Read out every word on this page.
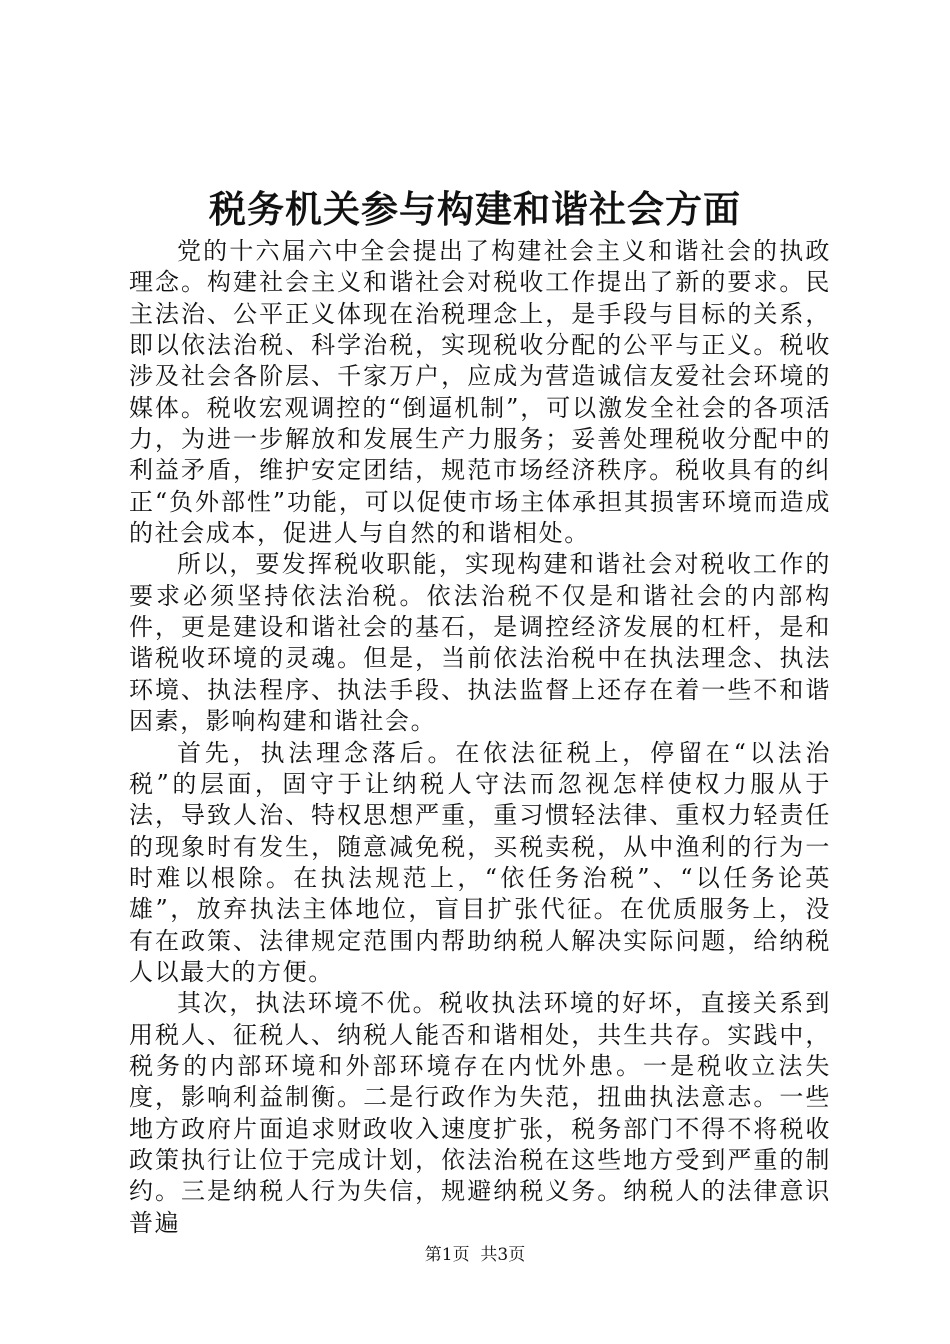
税务机关参与构建和谐社会方面

党的十六届六中全会提出了构建社会主义和谐社会的执政理念。构建社会主义和谐社会对税收工作提出了新的要求。民主法治、公平正义体现在治税理念上，是手段与目标的关系，即以依法治税、科学治税，实现税收分配的公平与正义。税收涉及社会各阶层、千家万户，应成为营造诚信友爱社会环境的媒体。税收宏观调控的“倒逼机制”，可以激发全社会的各项活力，为进一步解放和发展生产力服务；妥善处理税收分配中的利益矛盾，维护安定团结，规范市场经济秩序。税收具有的纠正“负外部性”功能，可以促使市场主体承担其损害环境而造成的社会成本，促进人与自然的和谐相处。

所以，要发挥税收职能，实现构建和谐社会对税收工作的要求必须坚持依法治税。依法治税不仅是和谐社会的内部构件，更是建设和谐社会的基石，是调控经济发展的杠杆，是和谐税收环境的灵魂。但是，当前依法治税中在执法理念、执法环境、执法程序、执法手段、执法监督上还存在着一些不和谐因素，影响构建和谐社会。

首先，执法理念落后。在依法征税上，停留在“以法治税”的层面，固守于让纳税人守法而忽视怎样使权力服从于法，导致人治、特权思想严重，重习惯轻法律、重权力轻责任的现象时有发生，随意减免税，买税卖税，从中渔利的行为一时难以根除。在执法规范上，“依任务治税”、“以任务论英雄”，放弃执法主体地位，盲目扩张代征。在优质服务上，没有在政策、法律规定范围内帮助纳税人解决实际问题，给纳税人以最大的方便。

其次，执法环境不优。税收执法环境的好坏，直接关系到用税人、征税人、纳税人能否和谐相处，共生共存。实践中，税务的内部环境和外部环境存在内忧外患。一是税收立法失度，影响利益制衡。二是行政作为失范，扭曲执法意志。一些地方政府片面追求财政收入速度扩张，税务部门不得不将税收政策执行让位于完成计划，依法治税在这些地方受到严重的制约。三是纳税人行为失信，规避纳税义务。纳税人的法律意识普遍

第1页  共3页
